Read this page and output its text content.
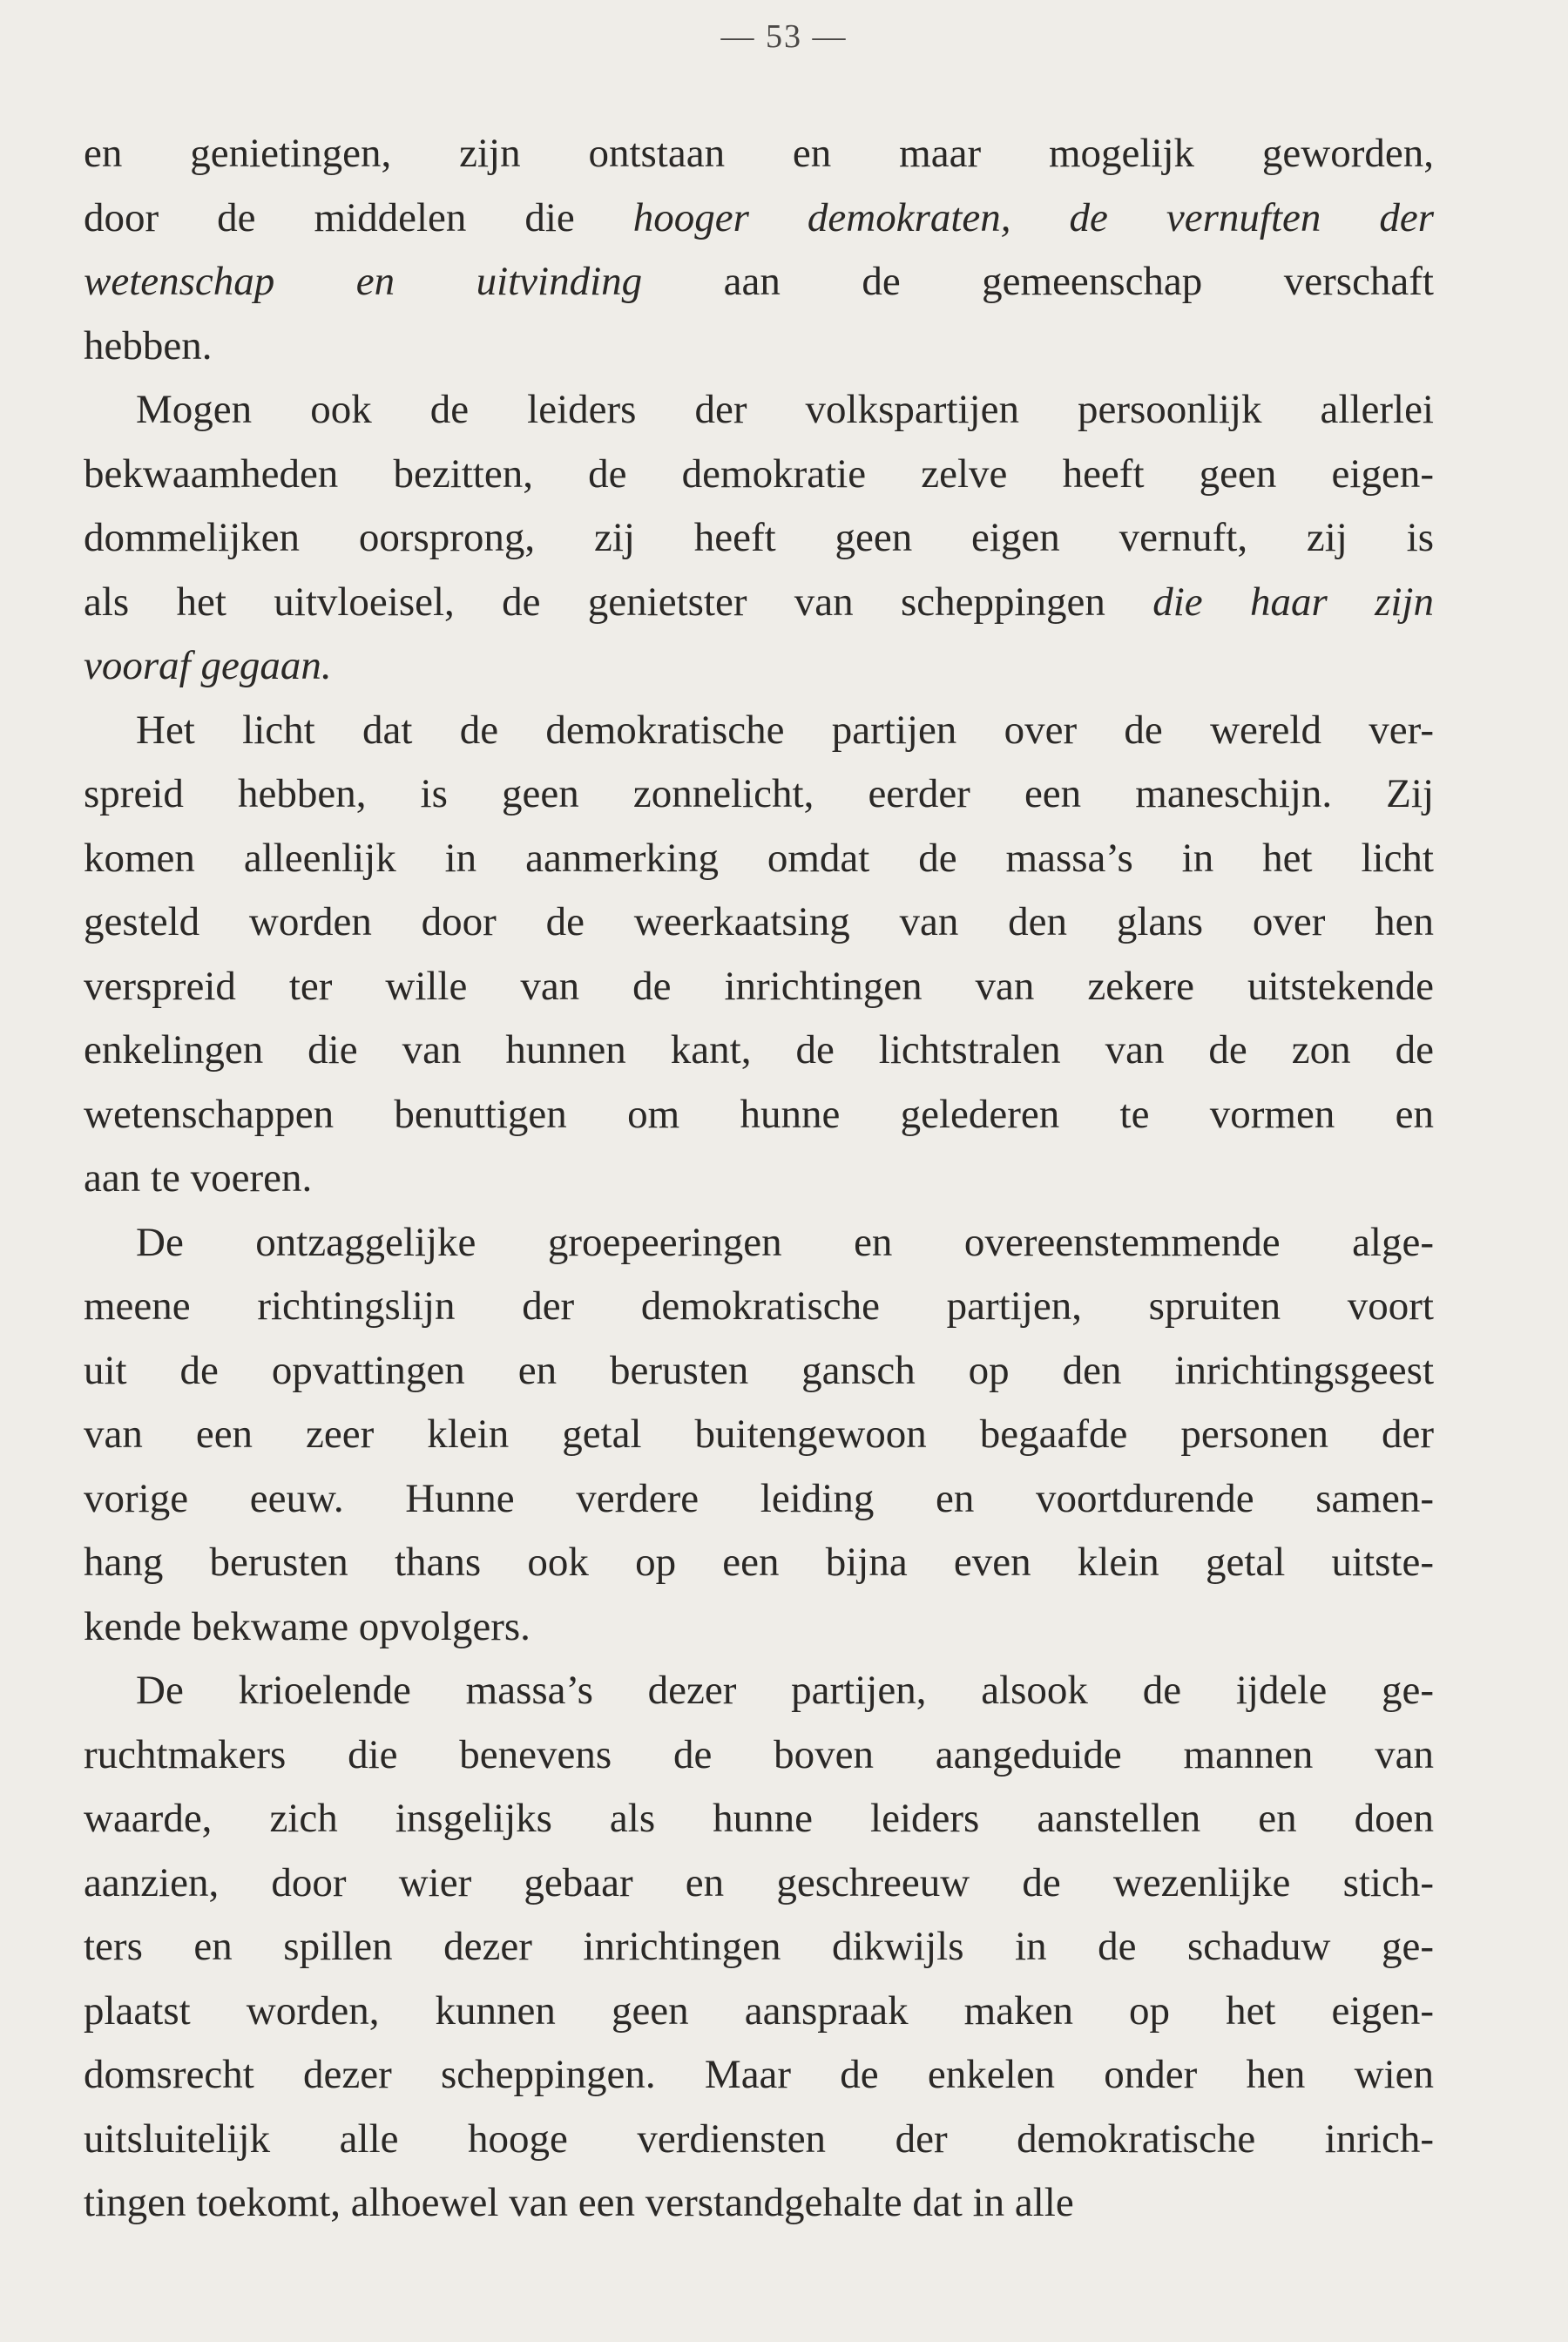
— 53 —
en genietingen, zijn ontstaan en maar mogelijk geworden,
door de middelen die hooger demokraten, de vernuften der
wetenschap en uitvinding aan de gemeenschap verschaft
hebben.
Mogen ook de leiders der volkspartijen persoonlijk allerlei
bekwaamheden bezitten, de demokratie zelve heeft geen eigen-
dommelijken oorsprong, zij heeft geen eigen vernuft, zij is
als het uitvloeisel, de genietster van scheppingen die haar zijn
vooraf gegaan.
Het licht dat de demokratische partijen over de wereld ver-
spreid hebben, is geen zonnelicht, eerder een maneschijn. Zij
komen alleenlijk in aanmerking omdat de massa’s in het licht
gesteld worden door de weerkaatsing van den glans over hen
verspreid ter wille van de inrichtingen van zekere uitstekende
enkelingen die van hunnen kant, de lichtstralen van de zon de
wetenschappen benuttigen om hunne gelederen te vormen en
aan te voeren.
De ontzaggelijke groepeeringen en overeenstemmende alge-
meene richtingslijn der demokratische partijen, spruiten voort
uit de opvattingen en berusten gansch op den inrichtingsgeest
van een zeer klein getal buitengewoon begaafde personen der
vorige eeuw. Hunne verdere leiding en voortdurende samen-
hang berusten thans ook op een bijna even klein getal uitste-
kende bekwame opvolgers.
De krioelende massa’s dezer partijen, alsook de ijdele ge-
ruchtmakers die benevens de boven aangeduide mannen van
waarde, zich insgelijks als hunne leiders aanstellen en doen
aanzien, door wier gebaar en geschreeuw de wezenlijke stich-
ters en spillen dezer inrichtingen dikwijls in de schaduw ge-
plaatst worden, kunnen geen aanspraak maken op het eigen-
domsrecht dezer scheppingen. Maar de enkelen onder hen wien
uitsluitelijk alle hooge verdiensten der demokratische inrich-
tingen toekomt, alhoewel van een verstandgehalte dat in alle
